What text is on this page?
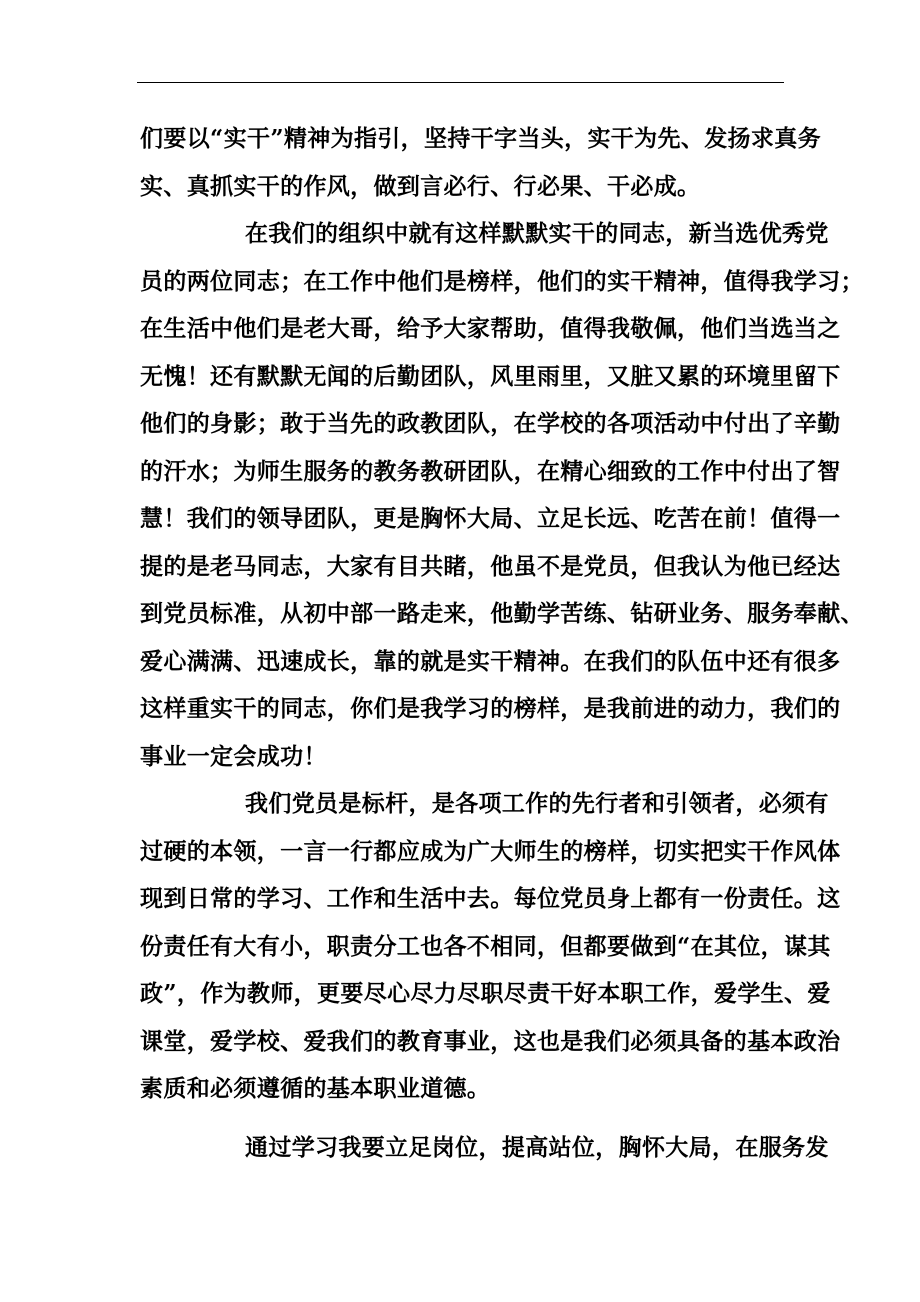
们要以“实干”精神为指引，坚持干字当头，实干为先、发扬求真务
实、真抓实干的作风，做到言必行、行必果、干必成。
在我们的组织中就有这样默默实干的同志，新当选优秀党
员的两位同志；在工作中他们是榜样，他们的实干精神，值得我学习；
在生活中他们是老大哥，给予大家帮助，值得我敬佩，他们当选当之
无愧！还有默默无闻的后勤团队，风里雨里，又脏又累的环境里留下
他们的身影；敢于当先的政教团队，在学校的各项活动中付出了辛勤
的汗水；为师生服务的教务教研团队，在精心细致的工作中付出了智
慧！我们的领导团队，更是胸怀大局、立足长远、吃苦在前！值得一
提的是老马同志，大家有目共睹，他虽不是党员，但我认为他已经达
到党员标准，从初中部一路走来，他勤学苦练、钻研业务、服务奉献、
爱心满满、迅速成长，靠的就是实干精神。在我们的队伍中还有很多
这样重实干的同志，你们是我学习的榜样，是我前进的动力，我们的
事业一定会成功！
我们党员是标杆，是各项工作的先行者和引领者，必须有
过硬的本领，一言一行都应成为广大师生的榜样，切实把实干作风体
现到日常的学习、工作和生活中去。每位党员身上都有一份责任。这
份责任有大有小，职责分工也各不相同，但都要做到“在其位，谋其
政”，作为教师，更要尽心尽力尽职尽责干好本职工作，爱学生、爱
课堂，爱学校、爱我们的教育事业，这也是我们必须具备的基本政治
素质和必须遵循的基本职业道德。
通过学习我要立足岗位，提高站位，胸怀大局，在服务发
